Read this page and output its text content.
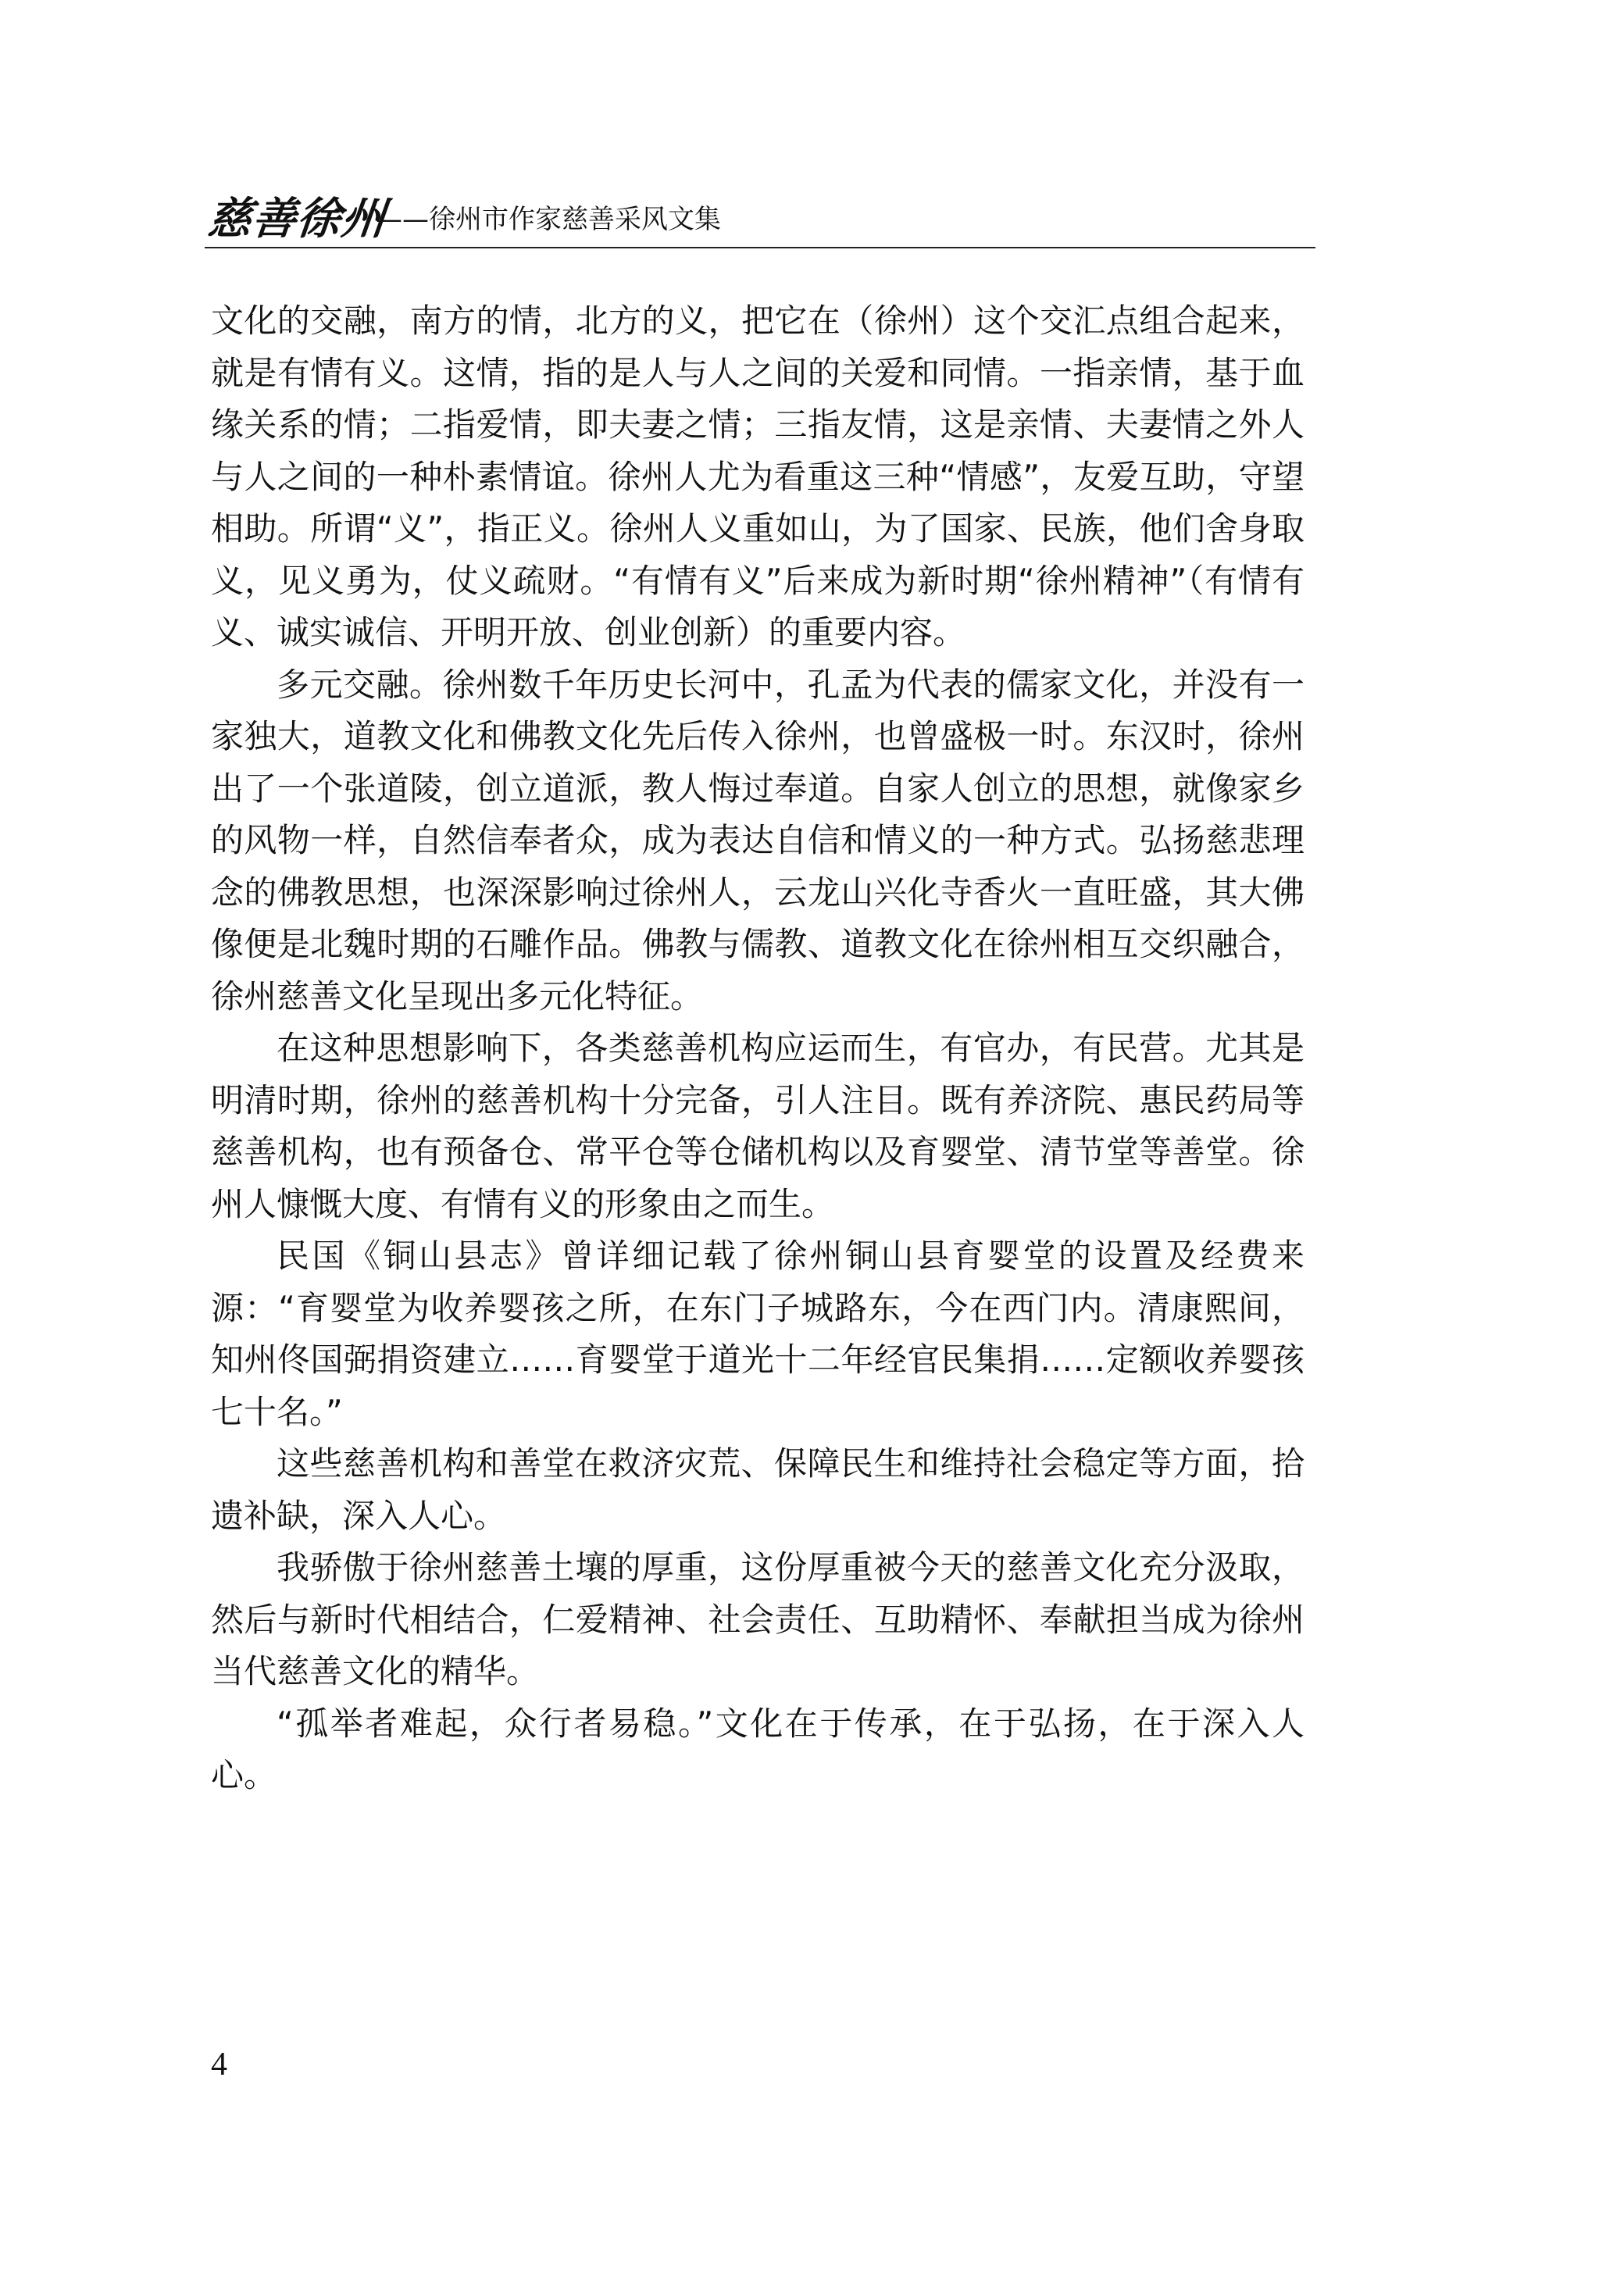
慈善徐州
——徐州市作家慈善采风文集

文化的交融，南方的情，北方的义，把它在（徐州）这个交汇点组合起来，就是有情有义。这情，指的是人与人之间的关爱和同情。一指亲情，基于血缘关系的情；二指爱情，即夫妻之情；三指友情，这是亲情、夫妻情之外人与人之间的一种朴素情谊。徐州人尤为看重这三种“情感”，友爱互助，守望相助。所谓“义”，指正义。徐州人义重如山，为了国家、民族，他们舍身取义，见义勇为，仗义疏财。“有情有义”后来成为新时期“徐州精神”（有情有义、诚实诚信、开明开放、创业创新）的重要内容。

多元交融。徐州数千年历史长河中，孔孟为代表的儒家文化，并没有一家独大，道教文化和佛教文化先后传入徐州，也曾盛极一时。东汉时，徐州出了一个张道陵，创立道派，教人悔过奉道。自家人创立的思想，就像家乡的风物一样，自然信奉者众，成为表达自信和情义的一种方式。弘扬慈悲理念的佛教思想，也深深影响过徐州人，云龙山兴化寺香火一直旺盛，其大佛像便是北魏时期的石雕作品。佛教与儒教、道教文化在徐州相互交织融合，徐州慈善文化呈现出多元化特征。

在这种思想影响下，各类慈善机构应运而生，有官办，有民营。尤其是明清时期，徐州的慈善机构十分完备，引人注目。既有养济院、惠民药局等慈善机构，也有预备仓、常平仓等仓储机构以及育婴堂、清节堂等善堂。徐州人慷慨大度、有情有义的形象由之而生。

民国《铜山县志》曾详细记载了徐州铜山县育婴堂的设置及经费来源：“育婴堂为收养婴孩之所，在东门子城路东，今在西门内。清康熙间，知州佟国弼捐资建立……育婴堂于道光十二年经官民集捐……定额收养婴孩七十名。”

这些慈善机构和善堂在救济灾荒、保障民生和维持社会稳定等方面，拾遗补缺，深入人心。

我骄傲于徐州慈善土壤的厚重，这份厚重被今天的慈善文化充分汲取，然后与新时代相结合，仁爱精神、社会责任、互助精怀、奉献担当成为徐州当代慈善文化的精华。

“孤举者难起，众行者易稳。”文化在于传承，在于弘扬，在于深入人心。

4
